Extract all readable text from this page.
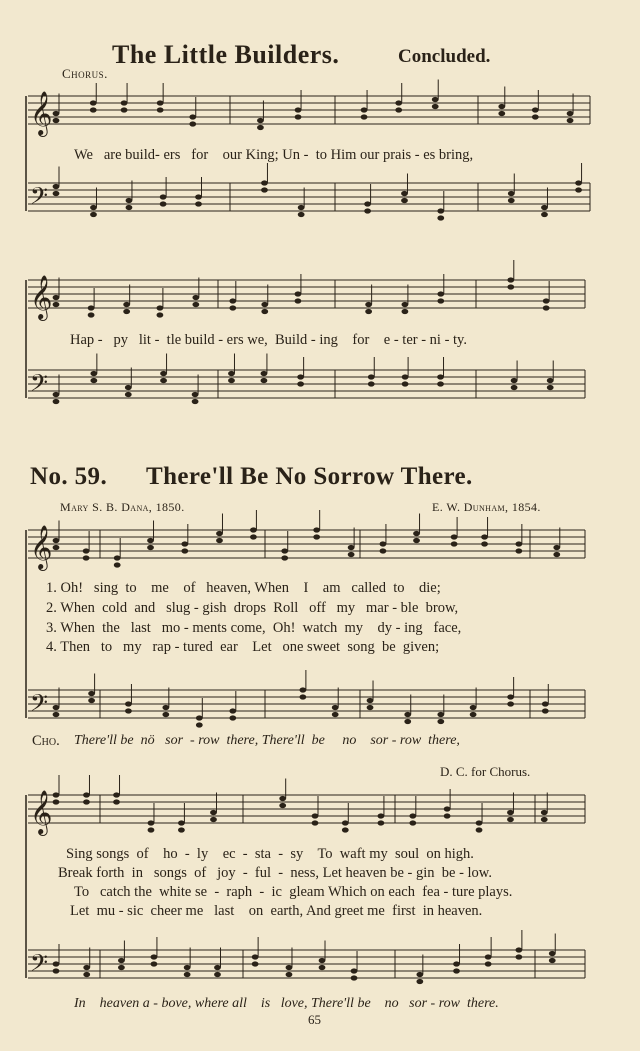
The Little Builders.	Concluded.
Chorus.
𝄞
𝄢
𝄞
𝄢
𝄞
𝄢
𝄞
𝄢
We are build- ers for our King; Un - to Him our prais - es bring,
Hap - py lit - tle build - ers we, Build - ing for e - ter - ni - ty.
No. 59. There'll Be No Sorrow There.
Mary S. B. Dana, 1850.	E. W. Dunham, 1854.
1. Oh!   sing  to    me    of   heaven, When    I    am   called  to    die;
2. When  cold  and   slug - gish  drops  Roll   off   my   mar - ble  brow,
3. When  the   last   mo - ments come,  Oh!  watch  my    dy - ing   face,
4. Then   to   my   rap - tured  ear    Let   one sweet  song  be  given;
Cho. There'll be  nö   sor  - row  there, There'll  be     no    sor - row  there,
D. C. for Chorus.
Sing songs  of    ho  -  ly    ec  -  sta  -  sy    To  waft my  soul  on high.
Break forth  in   songs  of   joy  -  ful  -  ness, Let heaven be - gin  be - low.
To   catch the  white se  -  raph  -  ic  gleam Which on each  fea - ture plays.
Let  mu - sic  cheer me   last    on  earth, And greet me  first  in heaven.
In    heaven a - bove, where all    is   love, There'll be    no   sor - row  there.
65
